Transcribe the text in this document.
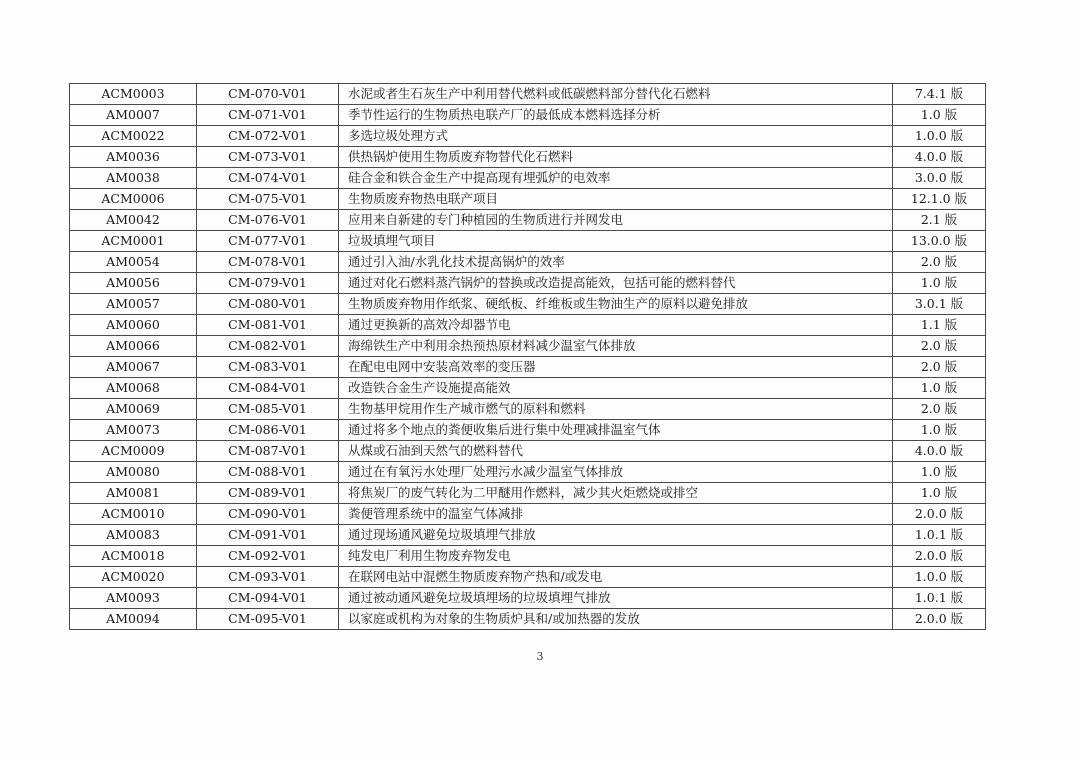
ACM0003	CM-070-V01	水泥或者生石灰生产中利用替代燃料或低碳燃料部分替代化石燃料	7.4.1 版
AM0007	CM-071-V01	季节性运行的生物质热电联产厂的最低成本燃料选择分析	1.0 版
ACM0022	CM-072-V01	多选垃圾处理方式	1.0.0 版
AM0036	CM-073-V01	供热锅炉使用生物质废弃物替代化石燃料	4.0.0 版
AM0038	CM-074-V01	硅合金和铁合金生产中提高现有埋弧炉的电效率	3.0.0 版
ACM0006	CM-075-V01	生物质废弃物热电联产项目	12.1.0 版
AM0042	CM-076-V01	应用来自新建的专门种植园的生物质进行并网发电	2.1 版
ACM0001	CM-077-V01	垃圾填埋气项目	13.0.0 版
AM0054	CM-078-V01	通过引入油/水乳化技术提高锅炉的效率	2.0 版
AM0056	CM-079-V01	通过对化石燃料蒸汽锅炉的替换或改造提高能效，包括可能的燃料替代	1.0 版
AM0057	CM-080-V01	生物质废弃物用作纸浆、硬纸板、纤维板或生物油生产的原料以避免排放	3.0.1 版
AM0060	CM-081-V01	通过更换新的高效冷却器节电	1.1 版
AM0066	CM-082-V01	海绵铁生产中利用余热预热原材料减少温室气体排放	2.0 版
AM0067	CM-083-V01	在配电电网中安装高效率的变压器	2.0 版
AM0068	CM-084-V01	改造铁合金生产设施提高能效	1.0 版
AM0069	CM-085-V01	生物基甲烷用作生产城市燃气的原料和燃料	2.0 版
AM0073	CM-086-V01	通过将多个地点的粪便收集后进行集中处理减排温室气体	1.0 版
ACM0009	CM-087-V01	从煤或石油到天然气的燃料替代	4.0.0 版
AM0080	CM-088-V01	通过在有氧污水处理厂处理污水减少温室气体排放	1.0 版
AM0081	CM-089-V01	将焦炭厂的废气转化为二甲醚用作燃料，减少其火炬燃烧或排空	1.0 版
ACM0010	CM-090-V01	粪便管理系统中的温室气体减排	2.0.0 版
AM0083	CM-091-V01	通过现场通风避免垃圾填埋气排放	1.0.1 版
ACM0018	CM-092-V01	纯发电厂利用生物废弃物发电	2.0.0 版
ACM0020	CM-093-V01	在联网电站中混燃生物质废弃物产热和/或发电	1.0.0 版
AM0093	CM-094-V01	通过被动通风避免垃圾填埋场的垃圾填埋气排放	1.0.1 版
AM0094	CM-095-V01	以家庭或机构为对象的生物质炉具和/或加热器的发放	2.0.0 版
3
